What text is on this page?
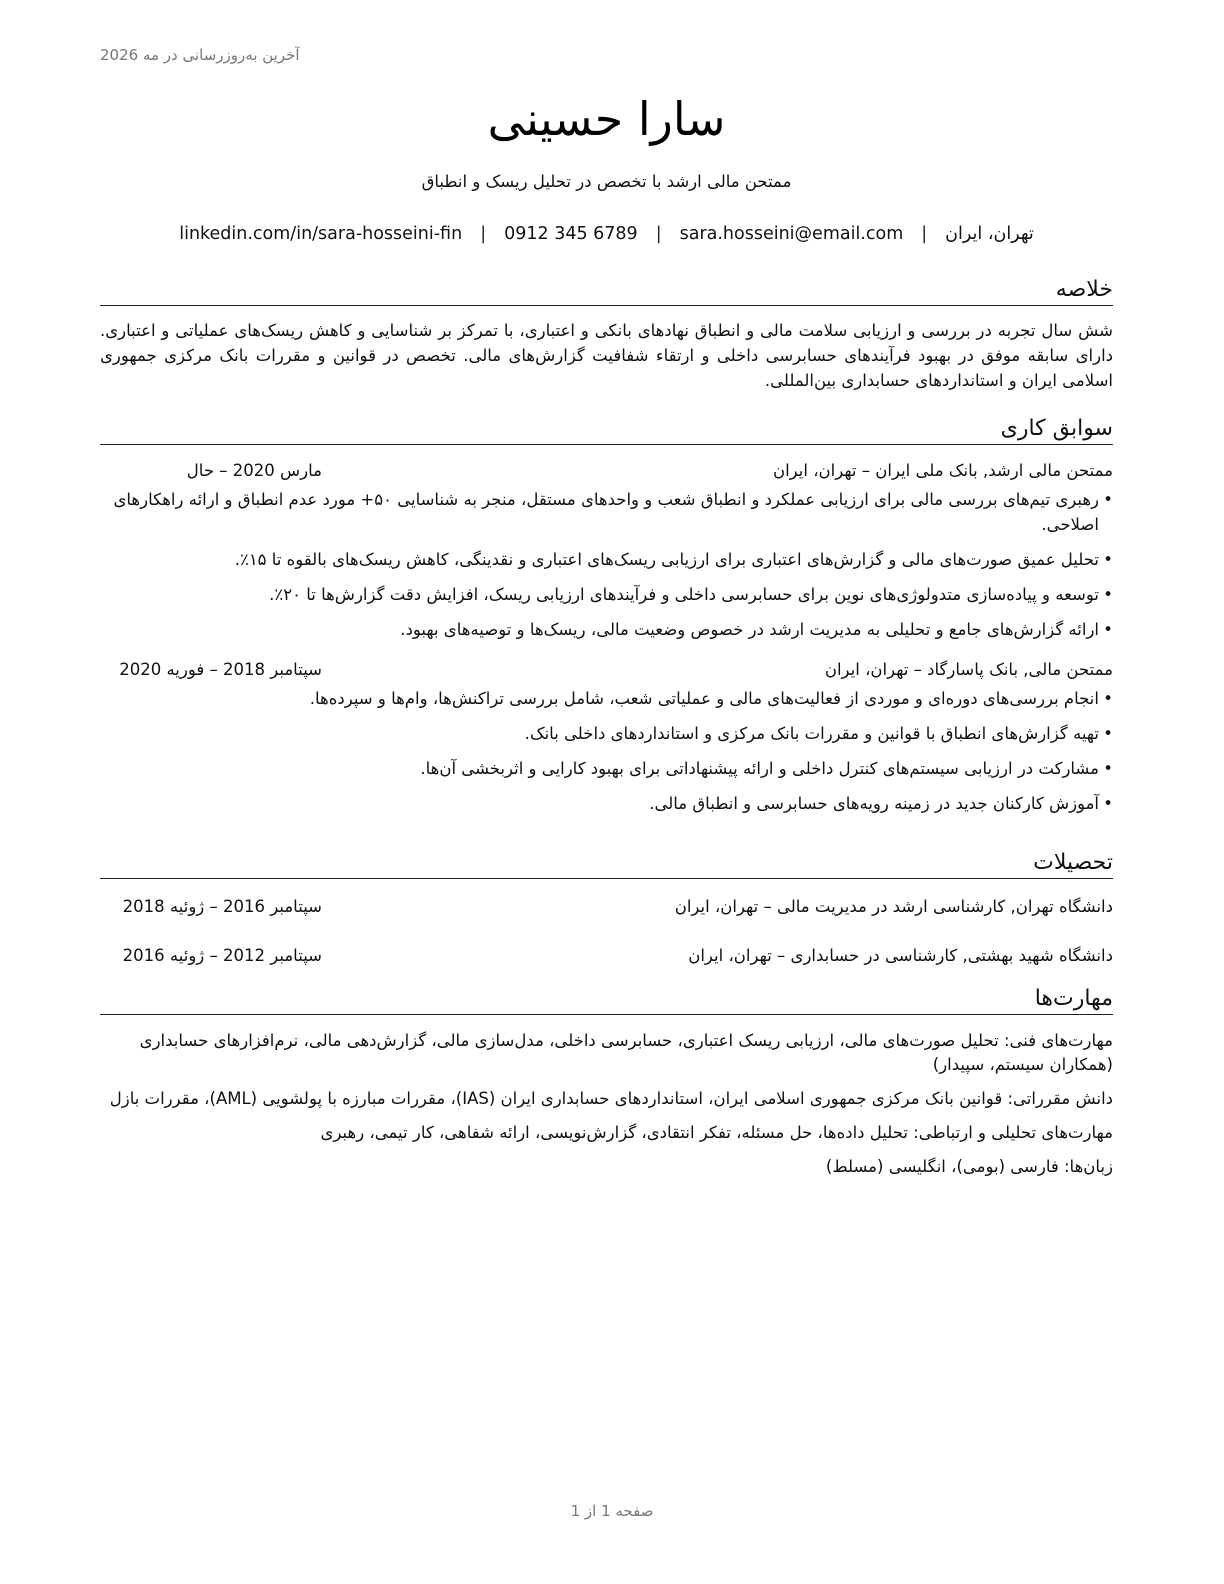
آخرین به‌روزرسانی در مه 2026
سارا حسینی
ممتحن مالی ارشد با تخصص در تحلیل ریسک و انطباق
تهران، ایران
|
sara.hosseini@email.com
|
0912 345 6789
|
linkedin.com/in/sara-hosseini-fin
خلاصه
شش سال تجربه در بررسی و ارزیابی سلامت مالی و انطباق نهادهای بانکی و اعتباری، با تمرکز بر شناسایی و کاهش ریسک‌های عملیاتی و اعتباری. دارای سابقه موفق در بهبود فرآیندهای حسابرسی داخلی و ارتقاء شفافیت گزارش‌های مالی. تخصص در قوانین و مقررات بانک مرکزی جمهوری اسلامی ایران و استانداردهای حسابداری بین‌المللی.
سوابق کاری
ممتحن مالی ارشد, بانک ملی ایران – تهران، ایران
مارس 2020 – حال
•
رهبری تیم‌های بررسی مالی برای ارزیابی عملکرد و انطباق شعب و واحدهای مستقل، منجر به شناسایی ۵۰+ مورد عدم انطباق و ارائه راهکارهای اصلاحی.
•
تحلیل عمیق صورت‌های مالی و گزارش‌های اعتباری برای ارزیابی ریسک‌های اعتباری و نقدینگی، کاهش ریسک‌های بالقوه تا ۱۵٪.
•
توسعه و پیاده‌سازی متدولوژی‌های نوین برای حسابرسی داخلی و فرآیندهای ارزیابی ریسک، افزایش دقت گزارش‌ها تا ۲۰٪.
•
ارائه گزارش‌های جامع و تحلیلی به مدیریت ارشد در خصوص وضعیت مالی، ریسک‌ها و توصیه‌های بهبود.
ممتحن مالی, بانک پاسارگاد – تهران، ایران
سپتامبر 2018 – فوریه 2020
•
انجام بررسی‌های دوره‌ای و موردی از فعالیت‌های مالی و عملیاتی شعب، شامل بررسی تراکنش‌ها، وام‌ها و سپرده‌ها.
•
تهیه گزارش‌های انطباق با قوانین و مقررات بانک مرکزی و استانداردهای داخلی بانک.
•
مشارکت در ارزیابی سیستم‌های کنترل داخلی و ارائه پیشنهاداتی برای بهبود کارایی و اثربخشی آن‌ها.
•
آموزش کارکنان جدید در زمینه رویه‌های حسابرسی و انطباق مالی.
تحصیلات
دانشگاه تهران, کارشناسی ارشد در مدیریت مالی – تهران، ایران
سپتامبر 2016 – ژوئیه 2018
دانشگاه شهید بهشتی, کارشناسی در حسابداری – تهران، ایران
سپتامبر 2012 – ژوئیه 2016
مهارت‌ها
مهارت‌های فنی: تحلیل صورت‌های مالی، ارزیابی ریسک اعتباری، حسابرسی داخلی، مدل‌سازی مالی، گزارش‌دهی مالی، نرم‌افزارهای حسابداری (همکاران سیستم، سپیدار)
دانش مقرراتی: قوانین بانک مرکزی جمهوری اسلامی ایران، استانداردهای حسابداری ایران (IAS)، مقررات مبارزه با پولشویی (AML)، مقررات بازل
مهارت‌های تحلیلی و ارتباطی: تحلیل داده‌ها، حل مسئله، تفکر انتقادی، گزارش‌نویسی، ارائه شفاهی، کار تیمی، رهبری
زبان‌ها: فارسی (بومی)، انگلیسی (مسلط)
صفحه 1 از 1
